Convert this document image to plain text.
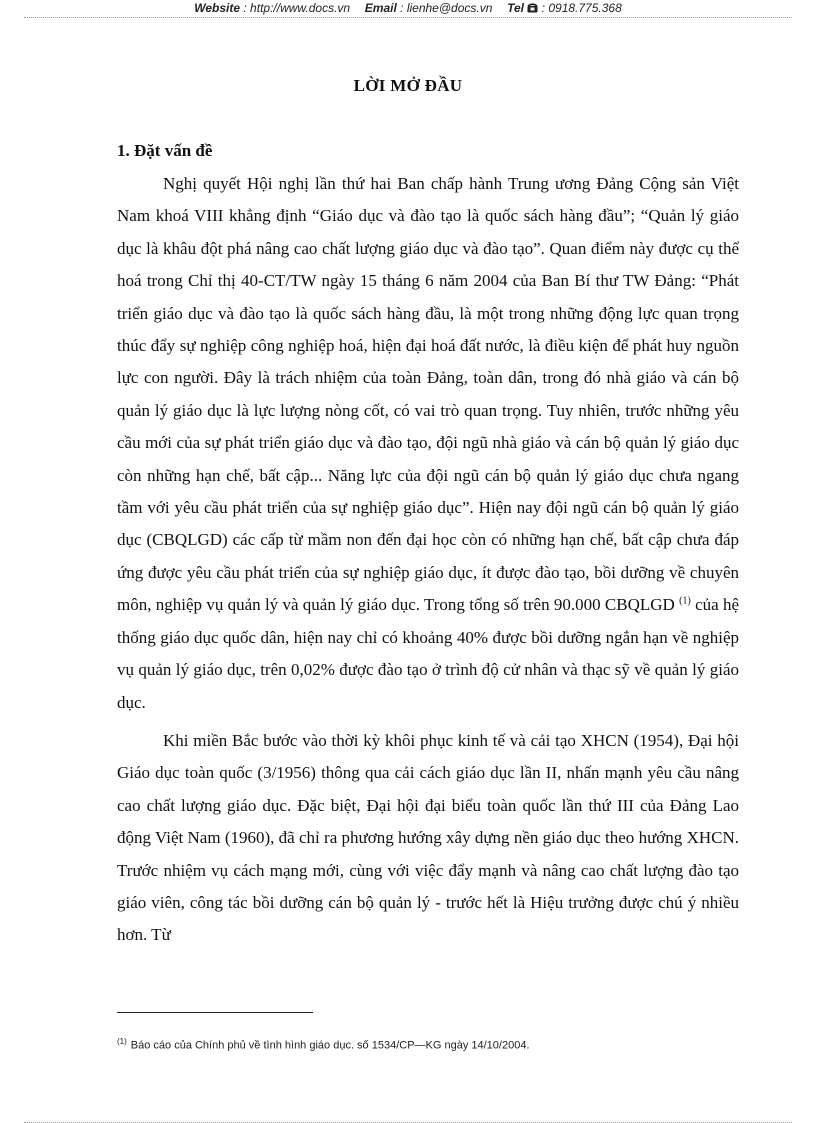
Website : http://www.docs.vn Email : lienhe@docs.vn Tel : 0918.775.368
LỜI MỞ ĐẦU
1. Đặt vấn đề

Nghị quyết Hội nghị lần thứ hai Ban chấp hành Trung ương Đảng Cộng sản Việt Nam khoá VIII khẳng định “Giáo dục và đào tạo là quốc sách hàng đầu”; “Quản lý giáo dục là khâu đột phá nâng cao chất lượng giáo dục và đào tạo”. Quan điểm này được cụ thể hoá trong Chỉ thị 40-CT/TW ngày 15 tháng 6 năm 2004 của Ban Bí thư TW Đảng: “Phát triển giáo dục và đào tạo là quốc sách hàng đầu, là một trong những động lực quan trọng thúc đẩy sự nghiệp công nghiệp hoá, hiện đại hoá đất nước, là điều kiện để phát huy nguồn lực con người. Đây là trách nhiệm của toàn Đảng, toàn dân, trong đó nhà giáo và cán bộ quản lý giáo dục là lực lượng nòng cốt, có vai trò quan trọng. Tuy nhiên, trước những yêu cầu mới của sự phát triển giáo dục và đào tạo, đội ngũ nhà giáo và cán bộ quản lý giáo dục còn những hạn chế, bất cập... Năng lực của đội ngũ cán bộ quản lý giáo dục chưa ngang tầm với yêu cầu phát triển của sự nghiệp giáo dục”. Hiện nay đội ngũ cán bộ quản lý giáo dục (CBQLGD) các cấp từ mầm non đến đại học còn có những hạn chế, bất cập chưa đáp ứng được yêu cầu phát triển của sự nghiệp giáo dục, ít được đào tạo, bồi dưỡng về chuyên môn, nghiệp vụ quản lý và quản lý giáo dục. Trong tổng số trên 90.000 CBQLGD $^{(1)}$ của hệ thống giáo dục quốc dân, hiện nay chỉ có khoảng 40% được bồi dưỡng ngắn hạn về nghiệp vụ quản lý giáo dục, trên 0,02% được đào tạo ở trình độ cử nhân và thạc sỹ về quản lý giáo dục.

Khi miền Bắc bước vào thời kỳ khôi phục kinh tế và cải tạo XHCN (1954), Đại hội Giáo dục toàn quốc (3/1956) thông qua cải cách giáo dục lần II, nhấn mạnh yêu cầu nâng cao chất lượng giáo dục. Đặc biệt, Đại hội đại biểu toàn quốc lần thứ III của Đảng Lao động Việt Nam (1960), đã chỉ ra phương hướng xây dựng nền giáo dục theo hướng XHCN. Trước nhiệm vụ cách mạng mới, cùng với việc đẩy mạnh và nâng cao chất lượng đào tạo giáo viên, công tác bồi dưỡng cán bộ quản lý - trước hết là Hiệu trưởng được chú ý nhiều hơn. Từ

$^{(1)}$ Báo cáo của Chính phủ về tình hình giáo dục. số 1534/CP—KG ngày 14/10/2004.
